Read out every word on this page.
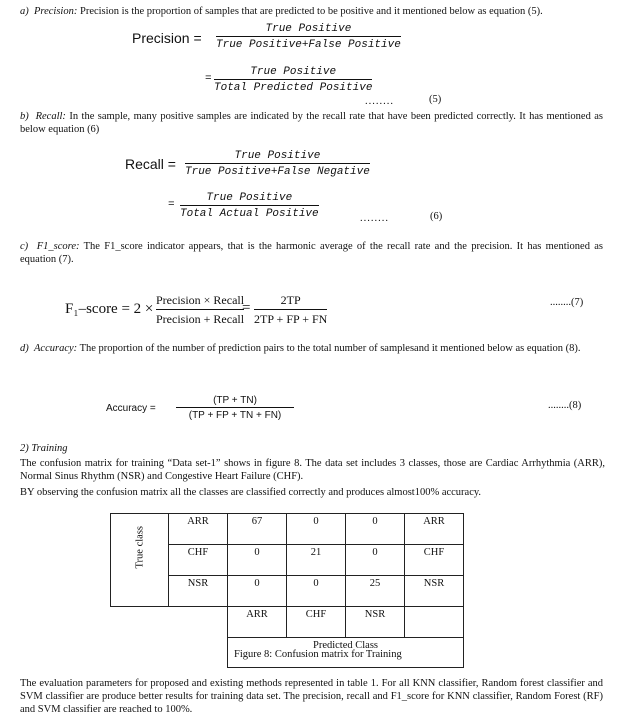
a) Precision: Precision is the proportion of samples that are predicted to be positive and it mentioned below as equation (5).
Precision =
True Positive
True Positive+False Positive
=
True Positive
Total Predicted Positive
........	(5)
b) Recall: In the sample, many positive samples are indicated by the recall rate that have been predicted correctly. It has mentioned as below equation (6)
Recall =	True Positive
True Positive+False Negative
=
True Positive
Total Actual Positive	........	(6)
c) F1_score: The F1_score indicator appears, that is the harmonic average of the recall rate and the precision. It has mentioned as equation (7).
F₁–score = 2 ×
Precision × Recall
Precision + Recall
=	2TP
2TP + FP + FN
........(7)
d) Accuracy: The proportion of the number of prediction pairs to the total number of samplesand it mentioned below as equation (8).
Accuracy =
(TP + TN)
(TP + FP + TN + FN)
........(8)
2) Training
The confusion matrix for training “Data set-1” shows in figure 8. The data set includes 3 classes, those are Cardiac Arrhythmia (ARR), Normal Sinus Rhythm (NSR) and Congestive Heart Failure (CHF).
BY observing the confusion matrix all the classes are classified correctly and produces almost100% accuracy.
True class	ARR	67	0	0	ARR
	CHF	0	21	0	CHF
	NSR	0	0	25	NSR
		ARR	CHF	NSR	
		Predicted Class			
Figure 8: Confusion matrix for Training
The evaluation parameters for proposed and existing methods represented in table 1. For all KNN classifier, Random forest classifier and SVM classifier are produce better results for training data set. The precision, recall and F1_score for KNN classifier, Random Forest (RF) and SVM classifier are reached to 100%.
